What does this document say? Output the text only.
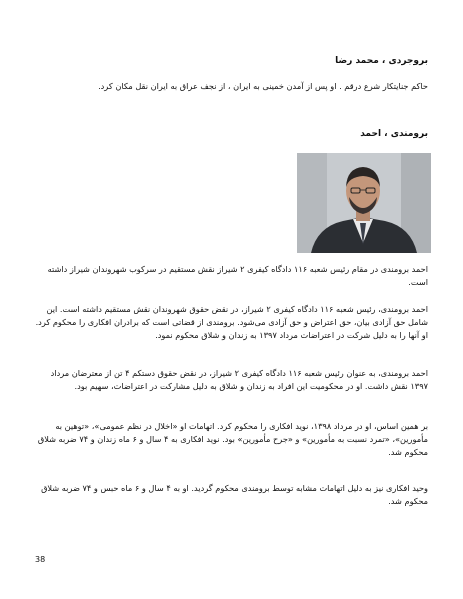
بروجردی ، محمد رضا

حاکم جنایتکار شرع درقم . او پس از آمدن خمینی به ایران ، از نجف عراق به ایران نقل مکان کرد.

برومندی ، احمد

احمد برومندی در مقام رئیس شعبه ۱۱۶ دادگاه کیفری ۲ شیراز نقش مستقیم در سرکوب شهروندان شیراز داشته است.

احمد برومندی، رئیس شعبه ۱۱۶ دادگاه کیفری ۲ شیراز، در نقض حقوق شهروندان نقش مستقیم داشته است. این شامل حق آزادی بیان، حق اعتراض و حق آزادی می‌شود. برومندی از قضاتی است که برادران افکاری را محکوم کرد. او آنها را به دلیل شرکت در اعتراضات مرداد ۱۳۹۷ به زندان و شلاق محکوم نمود.

احمد برومندی، به عنوان رئیس شعبه ۱۱۶ دادگاه کیفری ۲ شیراز، در نقض حقوق دستکم ۴ تن از معترضان مرداد ۱۳۹۷ نقش داشت. او در محکومیت این افراد به زندان و شلاق به دلیل مشارکت در اعتراضات، سهیم بود.

بر همین اساس، او در مرداد ۱۳۹۸، نوید افکاری را محکوم کرد. اتهامات او «اخلال در نظم عمومی»، «توهین به مأمورین»، «تمرد نسبت به مأمورین» و «جرح مأمورین» بود. نوید افکاری به ۴ سال و ۶ ماه زندان و ۷۴ ضربه شلاق محکوم شد.

وحید افکاری نیز به دلیل اتهامات مشابه توسط برومندی محکوم گردید. او به ۴ سال و ۶ ماه حبس و ۷۴ ضربه شلاق محکوم شد.

38
